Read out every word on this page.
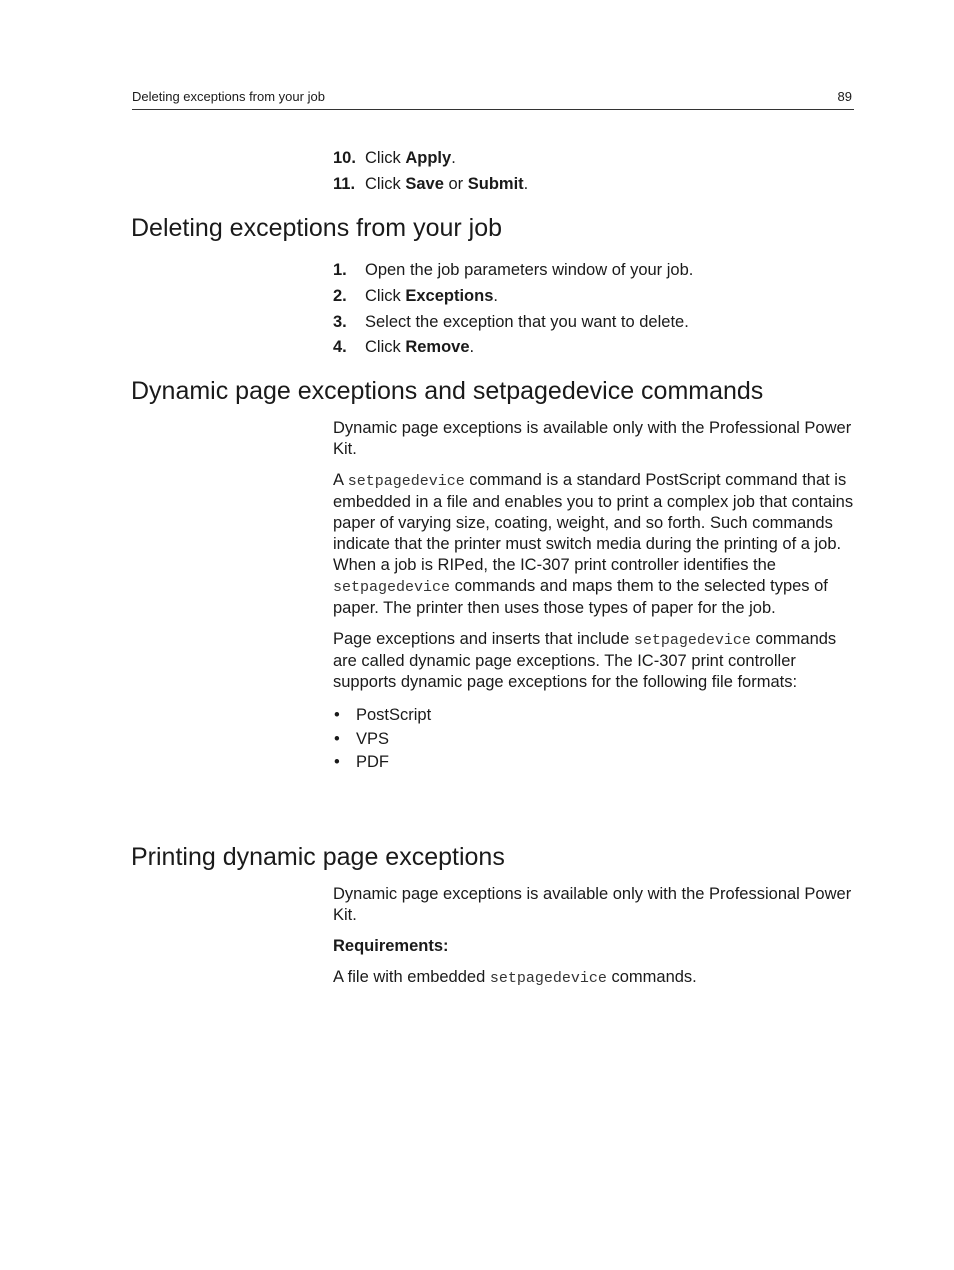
Deleting exceptions from your job	89
10. Click Apply.
11. Click Save or Submit.
Deleting exceptions from your job
1. Open the job parameters window of your job.
2. Click Exceptions.
3. Select the exception that you want to delete.
4. Click Remove.
Dynamic page exceptions and setpagedevice commands

Dynamic page exceptions is available only with the Professional Power Kit.

A setpagedevice command is a standard PostScript command that is embedded in a file and enables you to print a complex job that contains paper of varying size, coating, weight, and so forth. Such commands indicate that the printer must switch media during the printing of a job. When a job is RIPed, the IC-307 print controller identifies the setpagedevice commands and maps them to the selected types of paper. The printer then uses those types of paper for the job.

Page exceptions and inserts that include setpagedevice commands are called dynamic page exceptions. The IC-307 print controller supports dynamic page exceptions for the following file formats:

• PostScript
• VPS
• PDF
Printing dynamic page exceptions

Dynamic page exceptions is available only with the Professional Power Kit.

Requirements:

A file with embedded setpagedevice commands.
